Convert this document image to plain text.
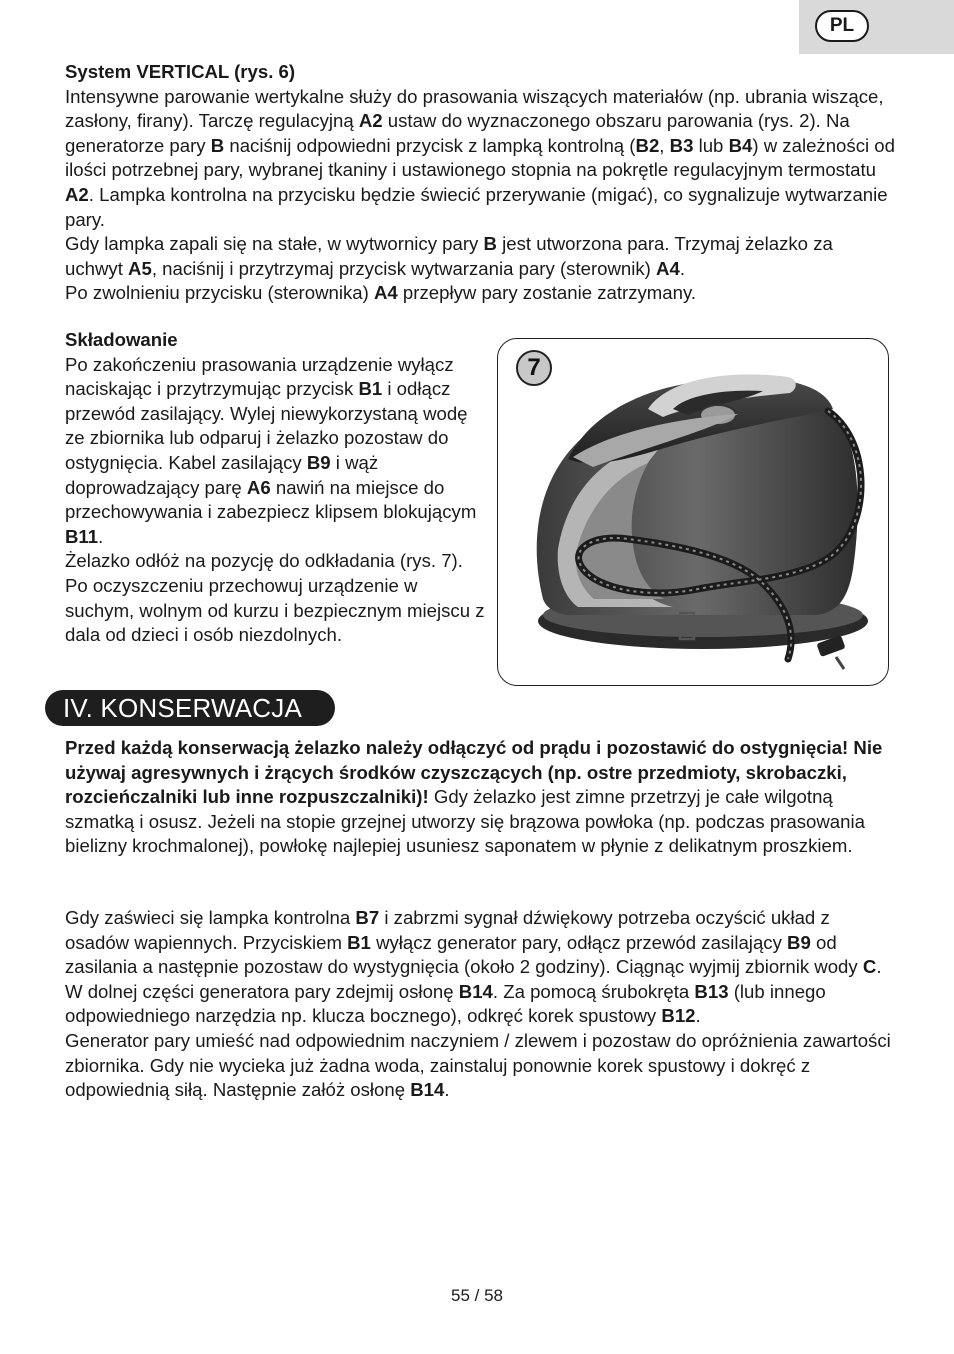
PL
System VERTICAL (rys. 6)
Intensywne parowanie wertykalne służy do prasowania wiszących materiałów (np. ubrania wiszące, zasłony, firany). Tarczę regulacyjną A2 ustaw do wyznaczonego obszaru parowania (rys. 2). Na generatorze pary B naciśnij odpowiedni przycisk z lampką kontrolną (B2, B3 lub B4) w zależności od ilości potrzebnej pary, wybranej tkaniny i ustawionego stopnia na pokrętle regulacyjnym termostatu A2. Lampka kontrolna na przycisku będzie świecić przerywanie (migać), co sygnalizuje wytwarzanie pary.
Gdy lampka zapali się na stałe, w wytwornicy pary B jest utworzona para. Trzymaj żelazko za uchwyt A5, naciśnij i przytrzymaj przycisk wytwarzania pary (sterownik) A4.
Po zwolnieniu przycisku (sterownika) A4 przepływ pary zostanie zatrzymany.
Składowanie
Po zakończeniu prasowania urządzenie wyłącz naciskając i przytrzymując przycisk B1 i odłącz przewód zasilający. Wylej niewykorzystaną wodę ze zbiornika lub odparuj i żelazko pozostaw do ostygnięcia. Kabel zasilający B9 i wąż doprowadzający parę A6 nawiń na miejsce do przechowywania i zabezpiecz klipsem blokującym B11.
Żelazko odłóż na pozycję do odkładania (rys. 7). Po oczyszczeniu przechowuj urządzenie w suchym, wolnym od kurzu i bezpiecznym miejscu z dala od dzieci i osób niezdolnych.
7
IV. KONSERWACJA
Przed każdą konserwacją żelazko należy odłączyć od prądu i pozostawić do ostygnięcia! Nie używaj agresywnych i żrących środków czyszczących (np. ostre przedmioty, skrobaczki, rozcieńczalniki lub inne rozpuszczalniki)! Gdy żelazko jest zimne przetrzyj je całe wilgotną szmatką i osusz. Jeżeli na stopie grzejnej utworzy się brązowa powłoka (np. podczas prasowania bielizny krochmalonej), powłokę najlepiej usuniesz saponatem w płynie z delikatnym proszkiem.
Gdy zaświeci się lampka kontrolna B7 i zabrzmi sygnał dźwiękowy potrzeba oczyścić układ z osadów wapiennych. Przyciskiem B1 wyłącz generator pary, odłącz przewód zasilający B9 od zasilania a następnie pozostaw do wystygnięcia (około 2 godziny). Ciągnąc wyjmij zbiornik wody C. W dolnej części generatora pary zdejmij osłonę B14. Za pomocą śrubokręta B13 (lub innego odpowiedniego narzędzia np. klucza bocznego), odkręć korek spustowy B12.
Generator pary umieść nad odpowiednim naczyniem / zlewem i pozostaw do opróżnienia zawartości zbiornika. Gdy nie wycieka już żadna woda, zainstaluj ponownie korek spustowy i dokręć z odpowiednią siłą. Następnie załóż osłonę B14.
55 / 58
